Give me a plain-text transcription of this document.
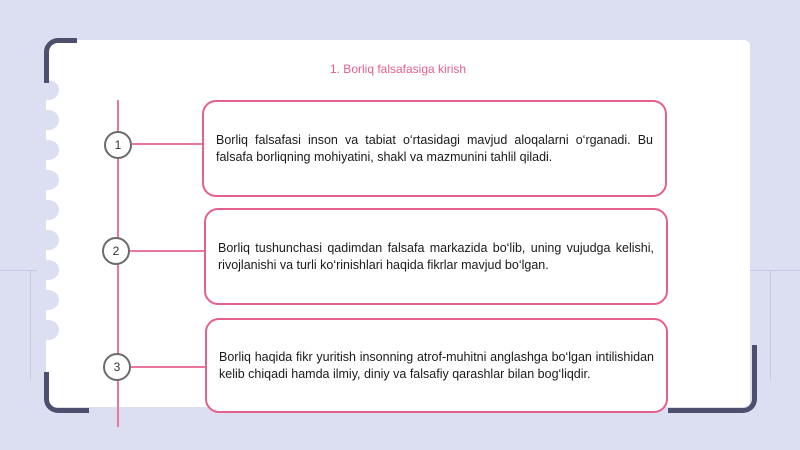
1. Borliq falsafasiga kirish
1	Borliq falsafasi inson va tabiat o‘rtasidagi mavjud aloqalarni o‘rganadi. Bu falsafa borliqning mohiyatini, shakl va mazmunini tahlil qiladi.

2	Borliq tushunchasi qadimdan falsafa markazida bo‘lib, uning vujudga kelishi, rivojlanishi va turli ko‘rinishlari haqida fikrlar mavjud bo‘lgan.

3

Borliq haqida fikr yuritish insonning atrof-muhitni anglashga bo‘lgan intilishidan kelib chiqadi hamda ilmiy, diniy va falsafiy qarashlar bilan bog‘liqdir.
